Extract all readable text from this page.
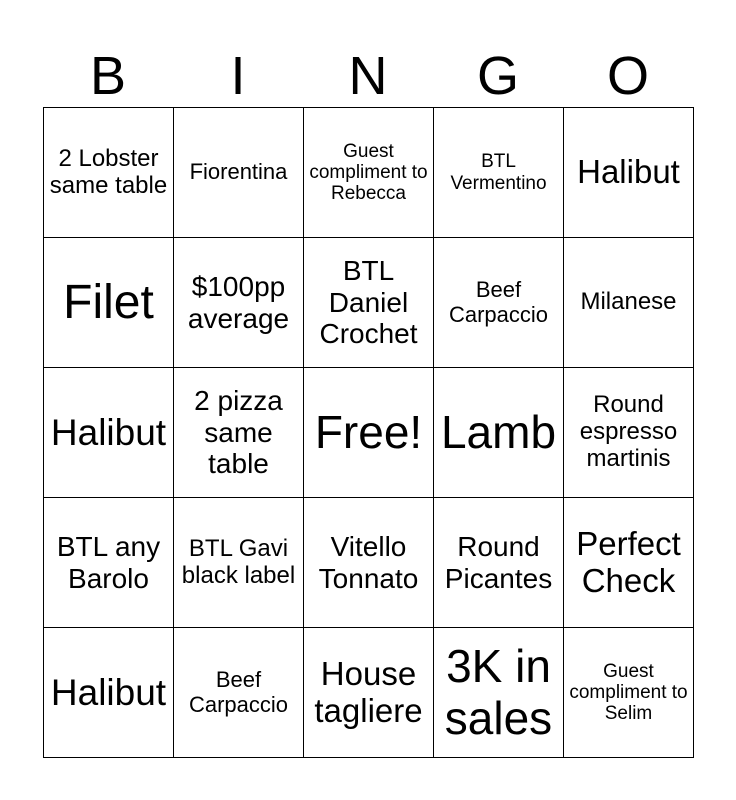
B	I	N	G	O
2 Lobster same table	Fiorentina	Guest compliment to Rebecca	BTL Vermentino	Halibut
Filet	$100pp average	BTL Daniel Crochet	Beef Carpaccio	Milanese
Halibut	2 pizza same table	Free!	Lamb	Round espresso martinis
BTL any Barolo	BTL Gavi black label	Vitello Tonnato	Round Picantes	Perfect Check
Halibut	Beef Carpaccio	House tagliere	3K in sales	Guest compliment to Selim
